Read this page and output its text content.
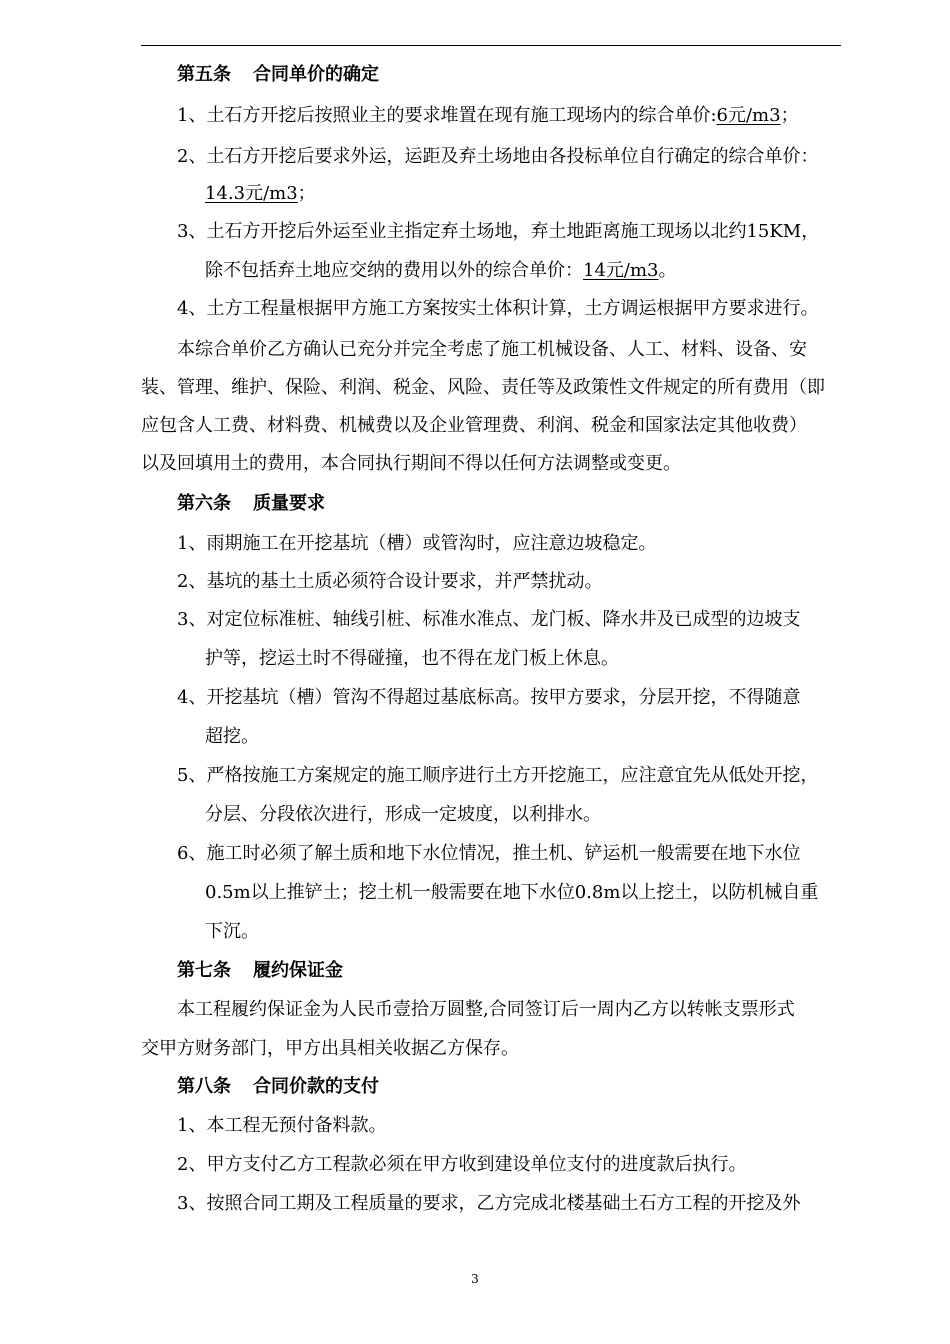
第五条 合同单价的确定
1、土石方开挖后按照业主的要求堆置在现有施工现场内的综合单价:6元/m3；
2、土石方开挖后要求外运，运距及弃土场地由各投标单位自行确定的综合单价：
14.3元/m3；
3、土石方开挖后外运至业主指定弃土场地，弃土地距离施工现场以北约15KM，
除不包括弃土地应交纳的费用以外的综合单价：14元/m3。
4、土方工程量根据甲方施工方案按实土体积计算，土方调运根据甲方要求进行。
本综合单价乙方确认已充分并完全考虑了施工机械设备、人工、材料、设备、安
装、管理、维护、保险、利润、税金、风险、责任等及政策性文件规定的所有费用（即
应包含人工费、材料费、机械费以及企业管理费、利润、税金和国家法定其他收费）
以及回填用土的费用，本合同执行期间不得以任何方法调整或变更。
第六条 质量要求
1、雨期施工在开挖基坑（槽）或管沟时，应注意边坡稳定。
2、基坑的基土土质必须符合设计要求，并严禁扰动。
3、对定位标准桩、轴线引桩、标准水准点、龙门板、降水井及已成型的边坡支
护等，挖运土时不得碰撞，也不得在龙门板上休息。
4、开挖基坑（槽）管沟不得超过基底标高。按甲方要求，分层开挖，不得随意
超挖。
5、严格按施工方案规定的施工顺序进行土方开挖施工，应注意宜先从低处开挖，
分层、分段依次进行，形成一定坡度，以利排水。
6、施工时必须了解土质和地下水位情况，推土机、铲运机一般需要在地下水位
0.5m以上推铲土；挖土机一般需要在地下水位0.8m以上挖土，以防机械自重
下沉。
第七条 履约保证金
本工程履约保证金为人民币壹拾万圆整,合同签订后一周内乙方以转帐支票形式
交甲方财务部门，甲方出具相关收据乙方保存。
第八条 合同价款的支付
1、本工程无预付备料款。
2、甲方支付乙方工程款必须在甲方收到建设单位支付的进度款后执行。
3、按照合同工期及工程质量的要求，乙方完成北楼基础土石方工程的开挖及外
3
